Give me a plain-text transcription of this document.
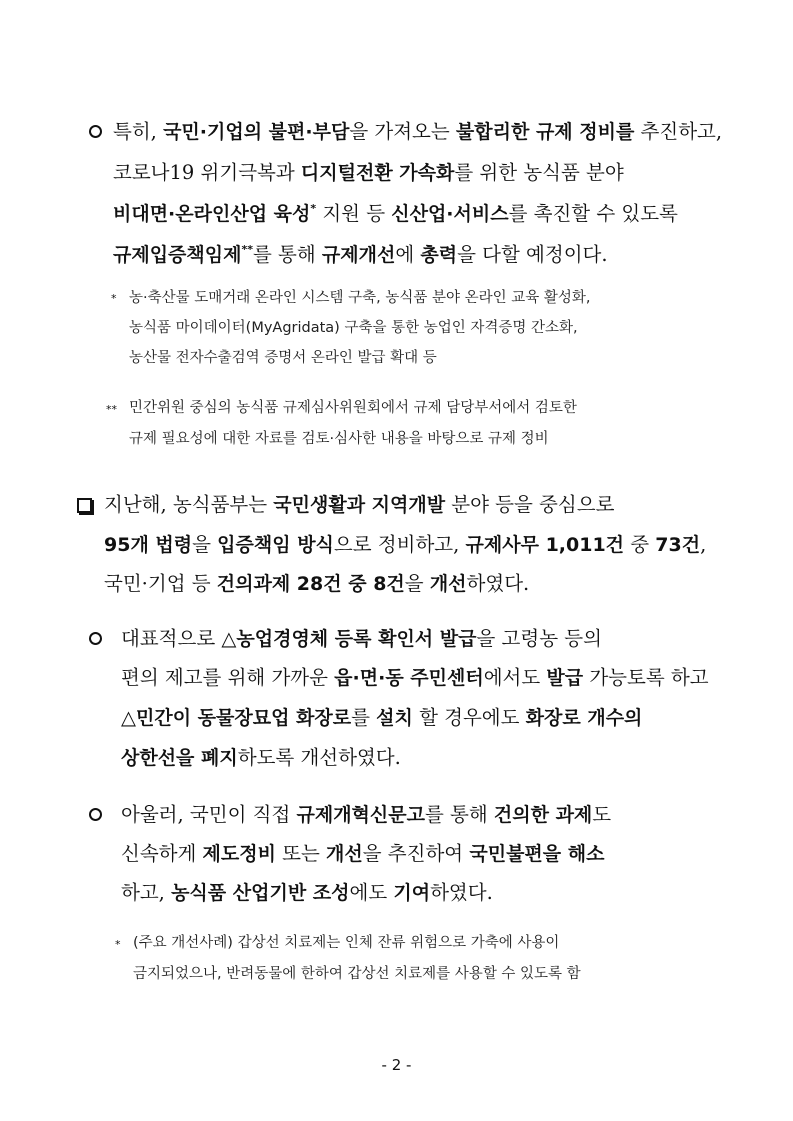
특히, 국민·기업의 불편·부담을 가져오는 불합리한 규제 정비를 추진하고,
코로나19 위기극복과 디지털전환 가속화를 위한 농식품 분야
비대면·온라인산업 육성* 지원 등 신산업·서비스를 촉진할 수 있도록
규제입증책임제**를 통해 규제개선에 총력을 다할 예정이다.
* 농·축산물 도매거래 온라인 시스템 구축, 농식품 분야 온라인 교육 활성화,
농식품 마이데이터(MyAgridata) 구축을 통한 농업인 자격증명 간소화,
농산물 전자수출검역 증명서 온라인 발급 확대 등
** 민간위원 중심의 농식품 규제심사위원회에서 규제 담당부서에서 검토한
규제 필요성에 대한 자료를 검토·심사한 내용을 바탕으로 규제 정비
지난해, 농식품부는 국민생활과 지역개발 분야 등을 중심으로
95개 법령을 입증책임 방식으로 정비하고, 규제사무 1,011건 중 73건,
국민·기업 등 건의과제 28건 중 8건을 개선하였다.
대표적으로 △농업경영체 등록 확인서 발급을 고령농 등의
편의 제고를 위해 가까운 읍·면·동 주민센터에서도 발급 가능토록 하고
△민간이 동물장묘업 화장로를 설치 할 경우에도 화장로 개수의
상한선을 폐지하도록 개선하였다.
아울러, 국민이 직접 규제개혁신문고를 통해 건의한 과제도
신속하게 제도정비 또는 개선을 추진하여 국민불편을 해소
하고, 농식품 산업기반 조성에도 기여하였다.
* (주요 개선사례) 갑상선 치료제는 인체 잔류 위험으로 가축에 사용이
금지되었으나, 반려동물에 한하여 갑상선 치료제를 사용할 수 있도록 함
- 2 -
